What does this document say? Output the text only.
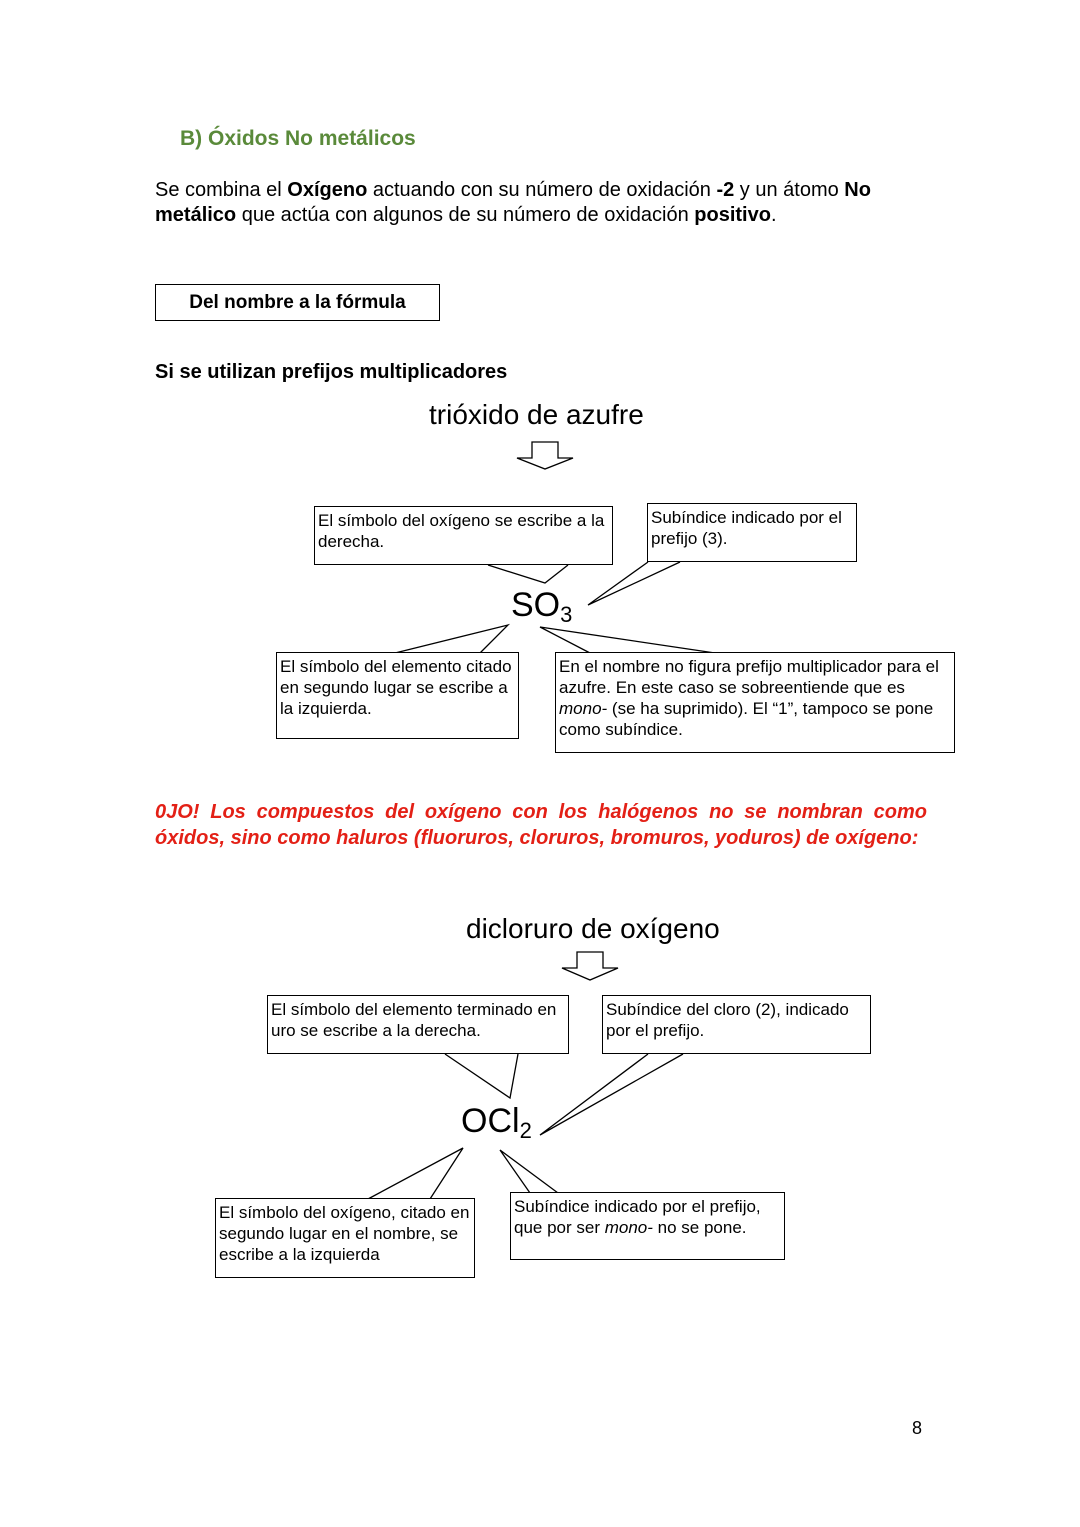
B) Óxidos No metálicos
Se combina el Oxígeno actuando con su número de oxidación -2 y un átomo No metálico que actúa con algunos de su número de oxidación positivo.
Del nombre a la fórmula
Si se utilizan prefijos multiplicadores
trióxido de azufre
El símbolo del oxígeno se escribe a la derecha.
Subíndice indicado por el prefijo (3).
$SO_3$
El símbolo del elemento citado en segundo lugar se escribe a la izquierda.
En el nombre no figura prefijo multiplicador para el azufre. En este caso se sobreentiende que es mono- (se ha suprimido). El “1”, tampoco se pone como subíndice.
0JO! Los compuestos del oxígeno con los halógenos no se nombran como óxidos, sino como haluros (fluoruros, cloruros, bromuros, yoduros) de oxígeno:
dicloruro de oxígeno
El símbolo del elemento terminado en uro se escribe a la derecha.
Subíndice del cloro (2), indicado por el prefijo.
OCl$_2$
El símbolo del oxígeno, citado en segundo lugar en el nombre, se escribe a la izquierda
Subíndice indicado por el prefijo, que por ser mono- no se pone.
8
